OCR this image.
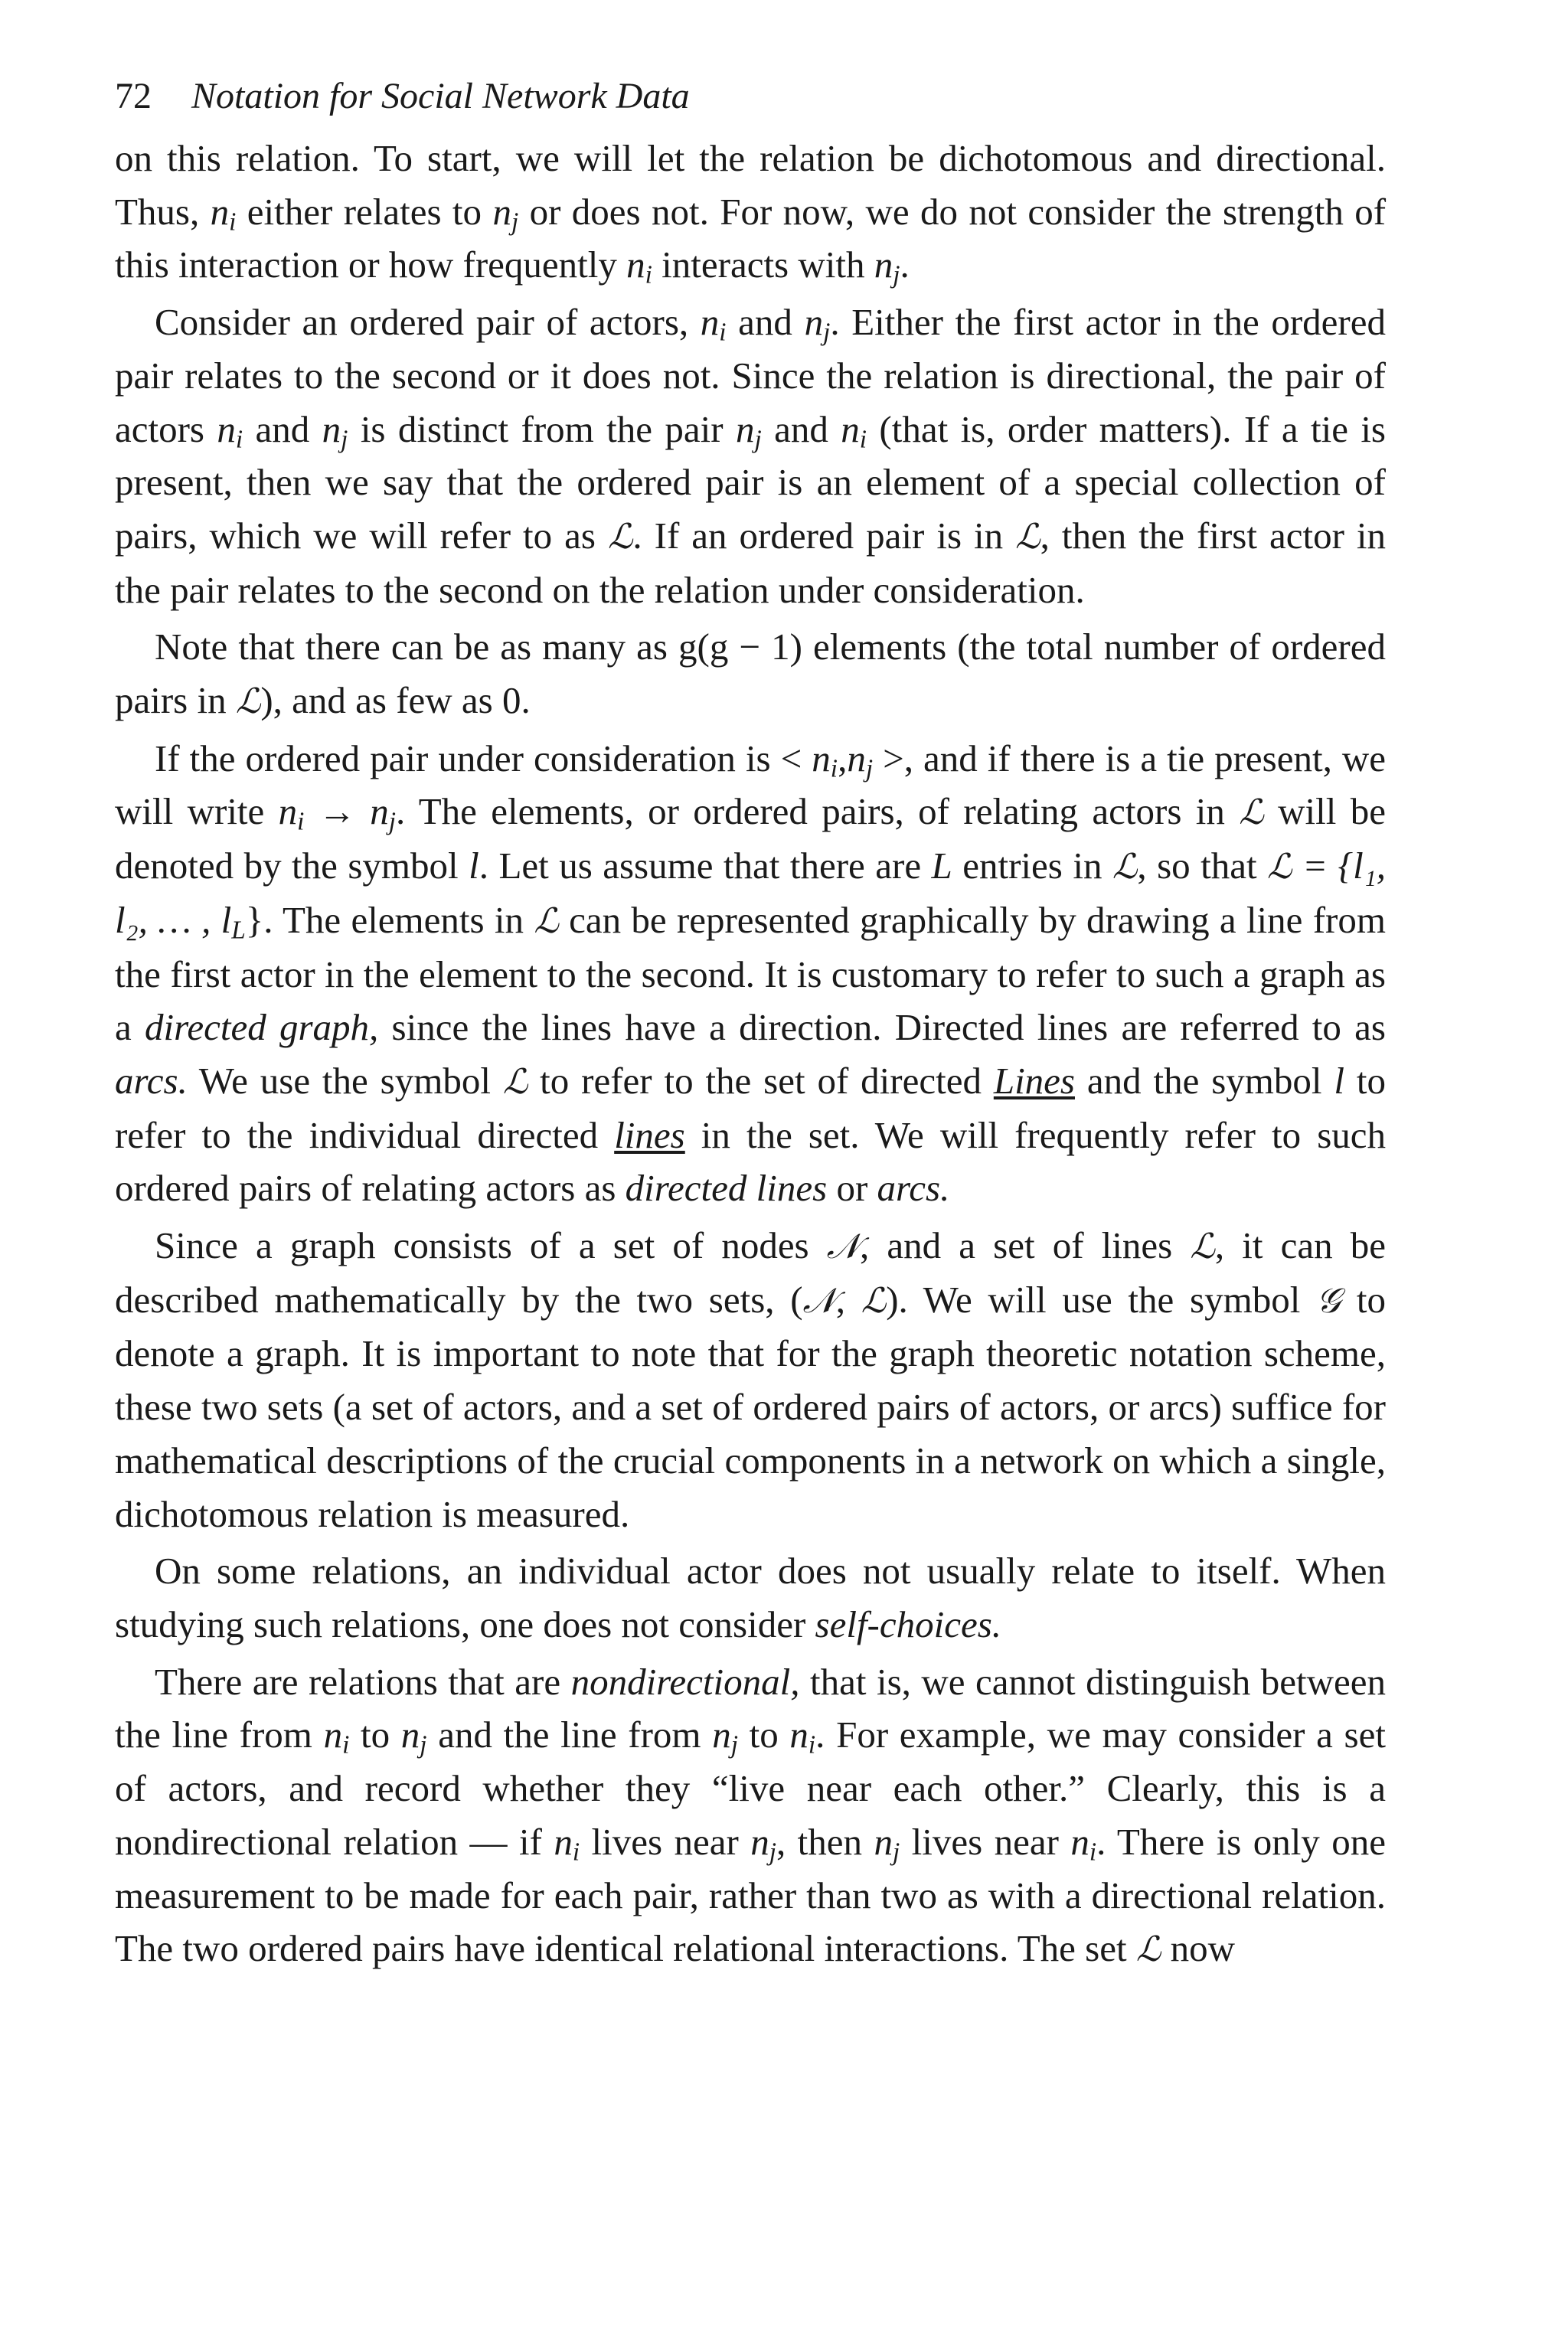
72 Notation for Social Network Data

on this relation. To start, we will let the relation be dichotomous and directional. Thus, $n_i$ either relates to $n_j$ or does not. For now, we do not consider the strength of this interaction or how frequently $n_i$ interacts with $n_j$.

Consider an ordered pair of actors, $n_i$ and $n_j$. Either the first actor in the ordered pair relates to the second or it does not. Since the relation is directional, the pair of actors $n_i$ and $n_j$ is distinct from the pair $n_j$ and $n_i$ (that is, order matters). If a tie is present, then we say that the ordered pair is an element of a special collection of pairs, which we will refer to as ℒ. If an ordered pair is in ℒ, then the first actor in the pair relates to the second on the relation under consideration.

Note that there can be as many as g(g − 1) elements (the total number of ordered pairs in ℒ), and as few as 0.

If the ordered pair under consideration is < $n_i,n_j$ >, and if there is a tie present, we will write $n_i \to n_j$. The elements, or ordered pairs, of relating actors in ℒ will be denoted by the symbol l. Let us assume that there are L entries in ℒ, so that ℒ = {l₁, l₂, … , $l_L$}. The elements in ℒ can be represented graphically by drawing a line from the first actor in the element to the second. It is customary to refer to such a graph as a directed graph, since the lines have a direction. Directed lines are referred to as arcs. We use the symbol ℒ to refer to the set of directed Lines and the symbol l to refer to the individual directed lines in the set. We will frequently refer to such ordered pairs of relating actors as directed lines or arcs.

Since a graph consists of a set of nodes 𝒩, and a set of lines ℒ, it can be described mathematically by the two sets, (𝒩, ℒ). We will use the symbol 𝒢 to denote a graph. It is important to note that for the graph theoretic notation scheme, these two sets (a set of actors, and a set of ordered pairs of actors, or arcs) suffice for mathematical descriptions of the crucial components in a network on which a single, dichotomous relation is measured.

On some relations, an individual actor does not usually relate to itself. When studying such relations, one does not consider self-choices.

There are relations that are nondirectional, that is, we cannot distinguish between the line from $n_i$ to $n_j$ and the line from $n_j$ to $n_i$. For example, we may consider a set of actors, and record whether they “live near each other.” Clearly, this is a nondirectional relation — if $n_i$ lives near $n_j$, then $n_j$ lives near $n_i$. There is only one measurement to be made for each pair, rather than two as with a directional relation. The two ordered pairs have identical relational interactions. The set ℒ now
